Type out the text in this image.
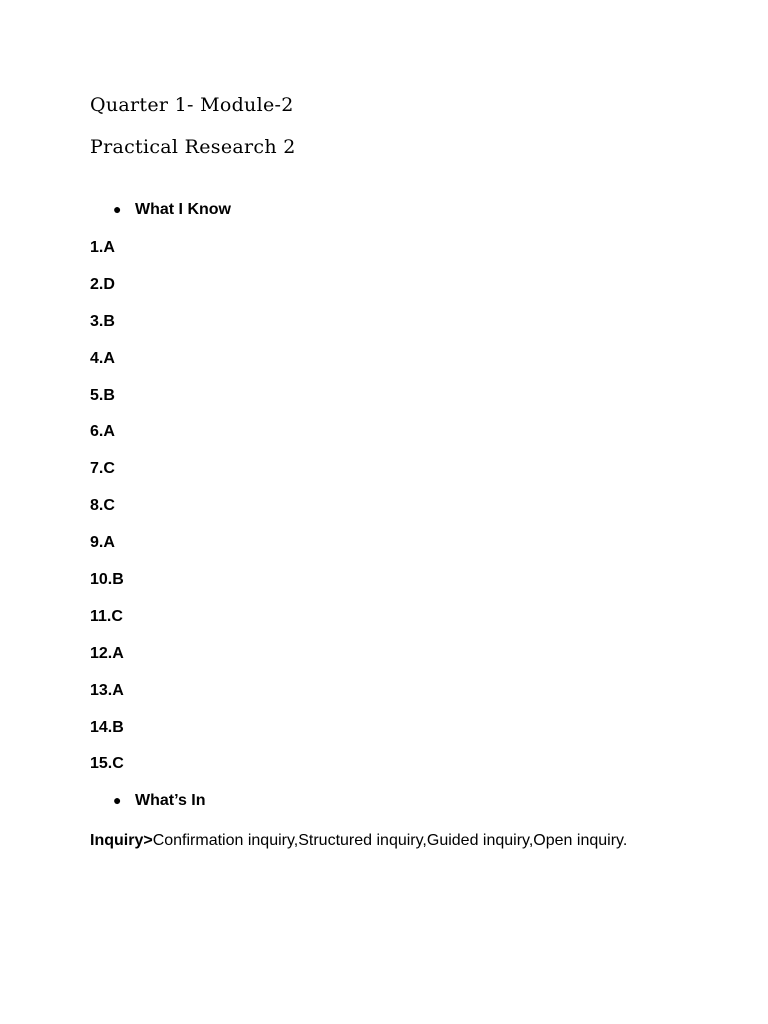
Quarter 1- Module-2
Practical Research 2
● What I Know
1.A
2.D
3.B
4.A
5.B
6.A
7.C
8.C
9.A
10.B
11.C
12.A
13.A
14.B
15.C
● What’s In
Inquiry>Confirmation inquiry,Structured inquiry,Guided inquiry,Open inquiry.
